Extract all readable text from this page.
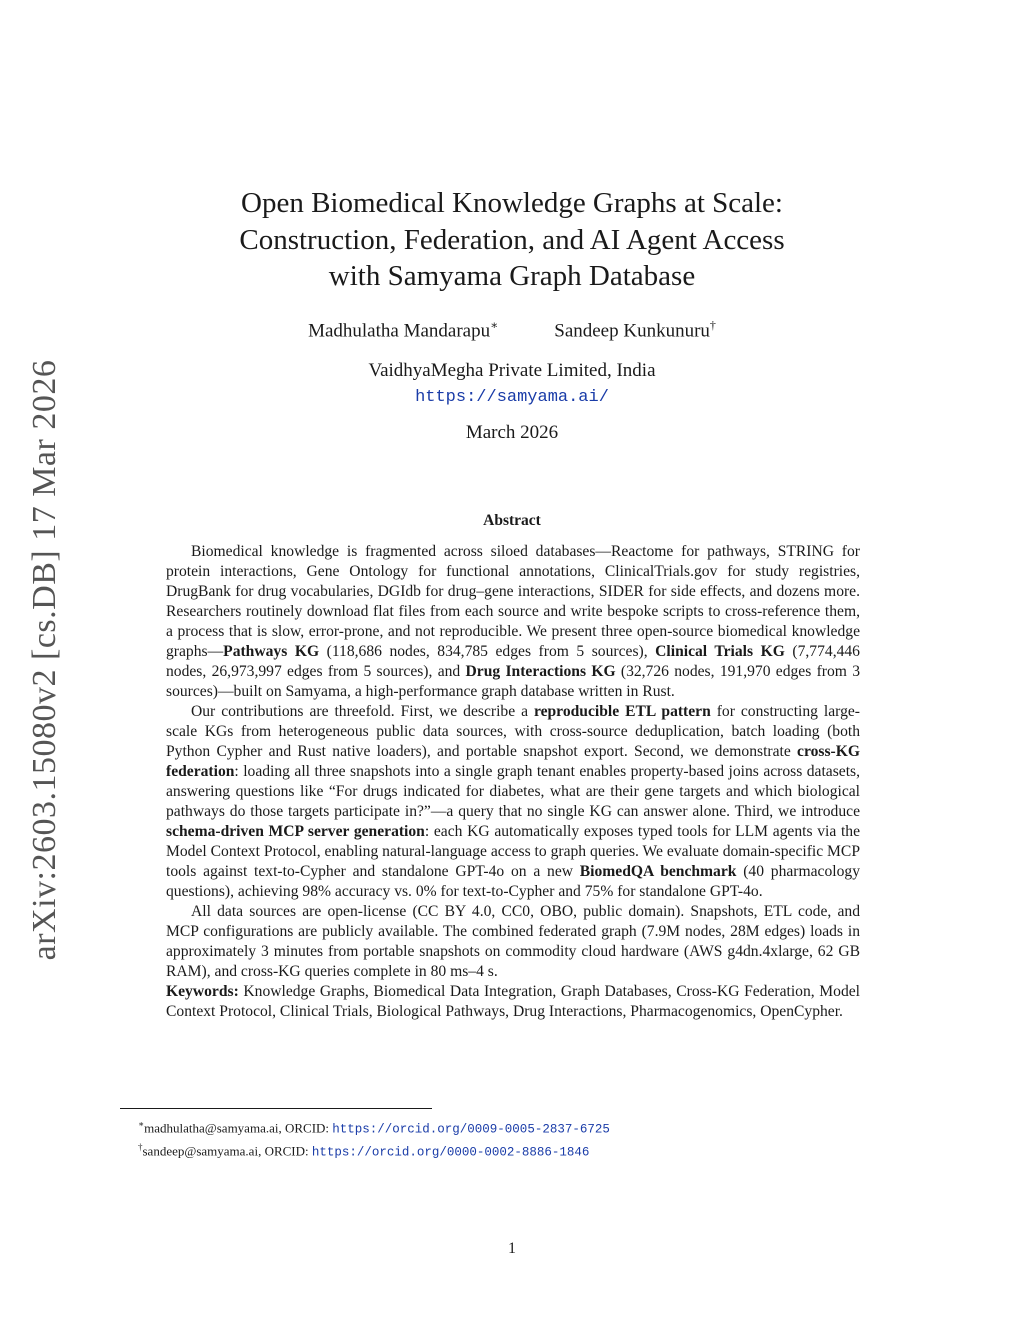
arXiv:2603.15080v2 [cs.DB] 17 Mar 2026
Open Biomedical Knowledge Graphs at Scale:
Construction, Federation, and AI Agent Access
with Samyama Graph Database
Madhulatha Mandarapu∗	Sandeep Kunkunuru†
VaidhyaMegha Private Limited, India
https://samyama.ai/
March 2026
Abstract

Biomedical knowledge is fragmented across siloed databases—Reactome for pathways, STRING for protein interactions, Gene Ontology for functional annotations, ClinicalTrials.gov for study registries, DrugBank for drug vocabularies, DGIdb for drug–gene interactions, SIDER for side effects, and dozens more. Researchers routinely download flat files from each source and write bespoke scripts to cross-reference them, a process that is slow, error-prone, and not reproducible. We present three open-source biomedical knowledge graphs—Pathways KG (118,686 nodes, 834,785 edges from 5 sources), Clinical Trials KG (7,774,446 nodes, 26,973,997 edges from 5 sources), and Drug Interactions KG (32,726 nodes, 191,970 edges from 3 sources)—built on Samyama, a high-performance graph database written in Rust.

Our contributions are threefold. First, we describe a reproducible ETL pattern for constructing large-scale KGs from heterogeneous public data sources, with cross-source deduplication, batch loading (both Python Cypher and Rust native loaders), and portable snapshot export. Second, we demonstrate cross-KG federation: loading all three snapshots into a single graph tenant enables property-based joins across datasets, answering questions like “For drugs indicated for diabetes, what are their gene targets and which biological pathways do those targets participate in?”—a query that no single KG can answer alone. Third, we introduce schema-driven MCP server generation: each KG automatically exposes typed tools for LLM agents via the Model Context Protocol, enabling natural-language access to graph queries. We evaluate domain-specific MCP tools against text-to-Cypher and standalone GPT-4o on a new BiomedQA benchmark (40 pharmacology questions), achieving 98% accuracy vs. 0% for text-to-Cypher and 75% for standalone GPT-4o.

All data sources are open-license (CC BY 4.0, CC0, OBO, public domain). Snapshots, ETL code, and MCP configurations are publicly available. The combined federated graph (7.9M nodes, 28M edges) loads in approximately 3 minutes from portable snapshots on commodity cloud hardware (AWS g4dn.4xlarge, 62 GB RAM), and cross-KG queries complete in 80 ms–4 s.

Keywords: Knowledge Graphs, Biomedical Data Integration, Graph Databases, Cross-KG Federation, Model Context Protocol, Clinical Trials, Biological Pathways, Drug Interactions, Pharmacogenomics, OpenCypher.

∗madhulatha@samyama.ai, ORCID: https://orcid.org/0009-0005-2837-6725
†sandeep@samyama.ai, ORCID: https://orcid.org/0000-0002-8886-1846
1
